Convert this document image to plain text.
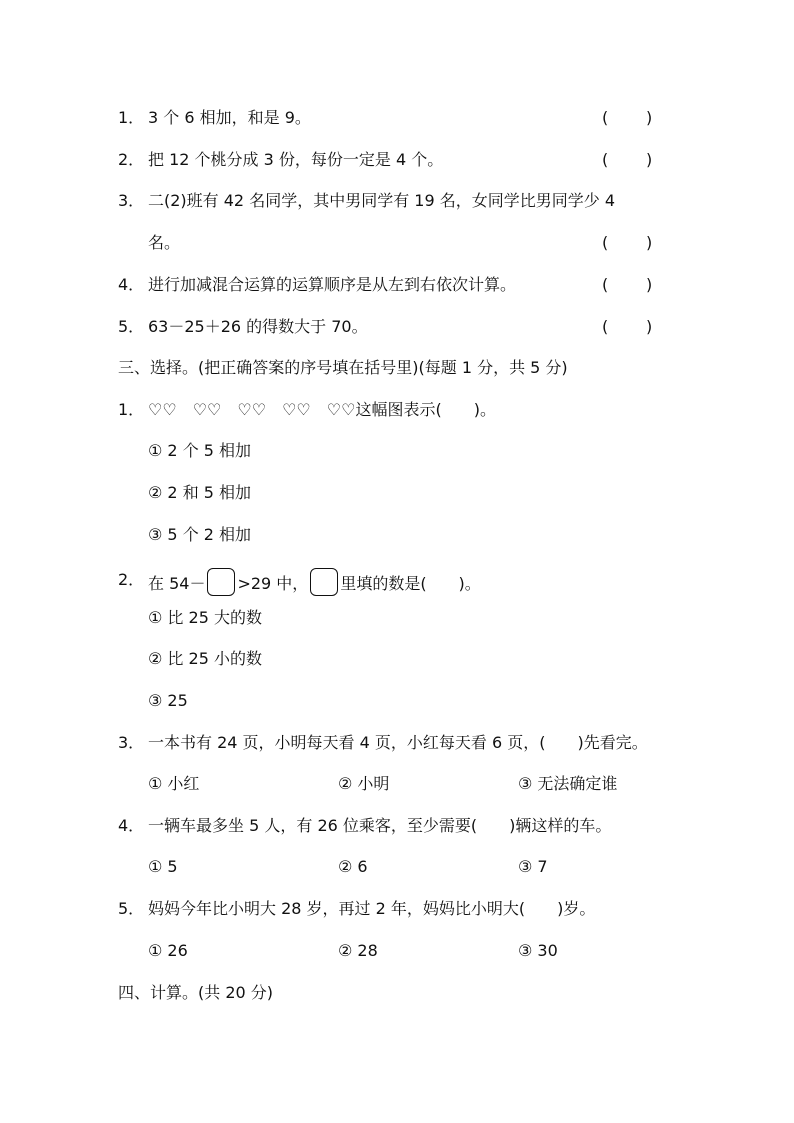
1． 3 个 6 相加，和是 9。	( )
2． 把 12 个桃分成 3 份，每份一定是 4 个。	( )
3． 二(2)班有 42 名同学，其中男同学有 19 名，女同学比男同学少 4
名。	( )
4． 进行加减混合运算的运算顺序是从左到右依次计算。	( )
5． 63－25＋26 的得数大于 70。	( )
三、选择。(把正确答案的序号填在括号里)(每题 1 分，共 5 分)
1． ♡♡　♡♡　♡♡　♡♡　♡♡这幅图表示(　　)。
① 2 个 5 相加
② 2 和 5 相加
③ 5 个 2 相加
2． 在 54－ >29 中， 里填的数是(　　)。
① 比 25 大的数
② 比 25 小的数
③ 25
3． 一本书有 24 页，小明每天看 4 页，小红每天看 6 页，(　　)先看完。
① 小红	② 小明	③ 无法确定谁
4． 一辆车最多坐 5 人，有 26 位乘客，至少需要(　　)辆这样的车。
① 5	② 6	③ 7
5． 妈妈今年比小明大 28 岁，再过 2 年，妈妈比小明大(　　)岁。
① 26	② 28	③ 30
四、计算。(共 20 分)
